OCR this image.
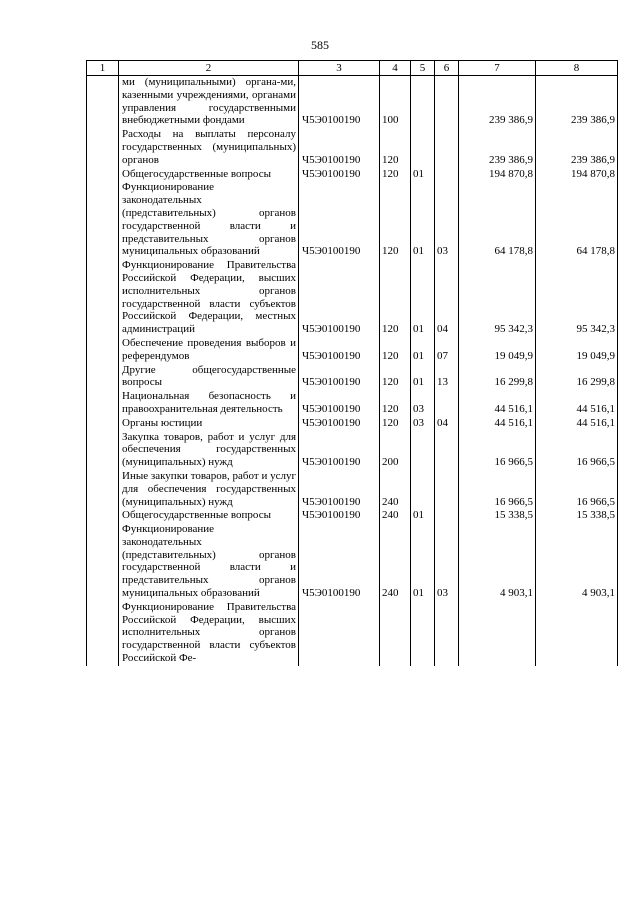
585
1	2	3	4	5	6	7	8
	ми (муниципальными) органа-ми, казенными учреждениями, органами управления государственными внебюджетными фондами	Ч5Э0100190	100			239 386,9	239 386,9
	Расходы на выплаты персоналу государственных (муниципальных) органов	Ч5Э0100190	120			239 386,9	239 386,9
	Общегосударственные вопросы	Ч5Э0100190	120	01		194 870,8	194 870,8
	Функционирование законодательных (представительных) органов государственной власти и представительных органов муниципальных образований	Ч5Э0100190	120	01	03	64 178,8	64 178,8
	Функционирование Правительства Российской Федерации, высших исполнительных органов государственной власти субъектов Российской Федерации, местных администраций	Ч5Э0100190	120	01	04	95 342,3	95 342,3
	Обеспечение проведения выборов и референдумов	Ч5Э0100190	120	01	07	19 049,9	19 049,9
	Другие общегосударственные вопросы	Ч5Э0100190	120	01	13	16 299,8	16 299,8
	Национальная безопасность и правоохранительная деятельность	Ч5Э0100190	120	03		44 516,1	44 516,1
	Органы юстиции	Ч5Э0100190	120	03	04	44 516,1	44 516,1
	Закупка товаров, работ и услуг для обеспечения государственных (муниципальных) нужд	Ч5Э0100190	200			16 966,5	16 966,5
	Иные закупки товаров, работ и услуг для обеспечения государственных (муниципальных) нужд	Ч5Э0100190	240			16 966,5	16 966,5
	Общегосударственные вопросы	Ч5Э0100190	240	01		15 338,5	15 338,5
	Функционирование законодательных (представительных) органов государственной власти и представительных органов муниципальных образований	Ч5Э0100190	240	01	03	4 903,1	4 903,1
	Функционирование Правительства Российской Федерации, высших исполнительных органов государственной власти субъектов Российской Фе-						
